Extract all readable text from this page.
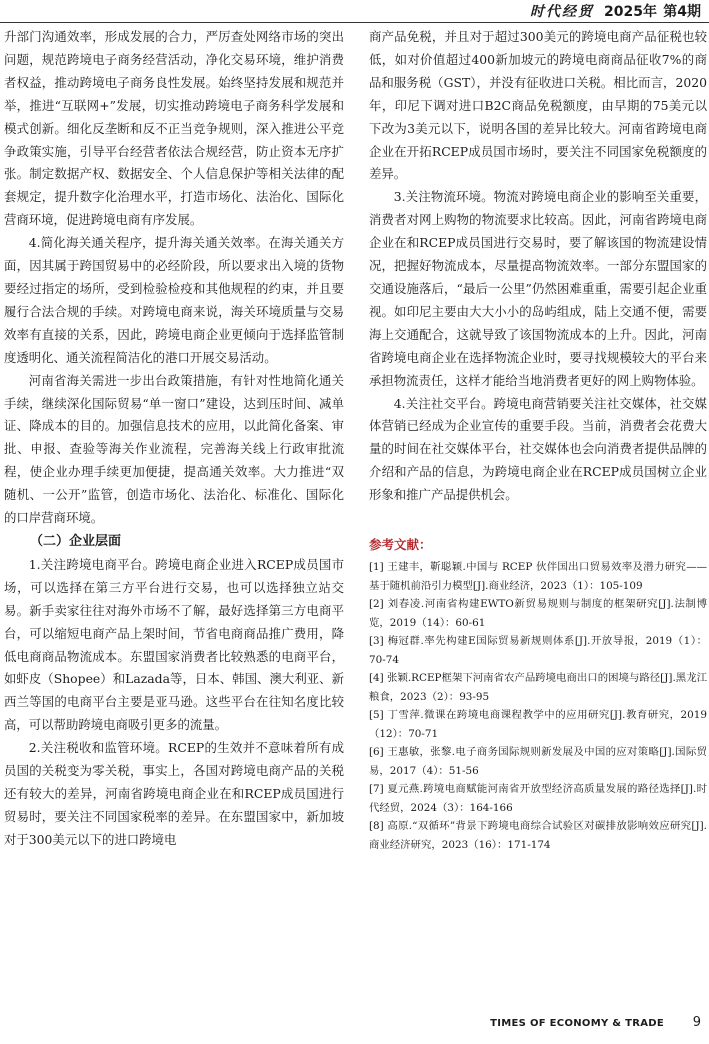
时代经贸 2025年 第4期

升部门沟通效率，形成发展的合力，严厉查处网络市场的突出问题，规范跨境电子商务经营活动，净化交易环境，维护消费者权益，推动跨境电子商务良性发展。始终坚持发展和规范并举，推进“互联网+”发展，切实推动跨境电子商务科学发展和模式创新。细化反垄断和反不正当竞争规则，深入推进公平竞争政策实施，引导平台经营者依法合规经营，防止资本无序扩张。制定数据产权、数据安全、个人信息保护等相关法律的配套规定，提升数字化治理水平，打造市场化、法治化、国际化营商环境，促进跨境电商有序发展。

4.简化海关通关程序，提升海关通关效率。在海关通关方面，因其属于跨国贸易中的必经阶段，所以要求出入境的货物要经过指定的场所，受到检验检疫和其他规程的约束，并且要履行合法合规的手续。对跨境电商来说，海关环境质量与交易效率有直接的关系，因此，跨境电商企业更倾向于选择监管制度透明化、通关流程简洁化的港口开展交易活动。

河南省海关需进一步出台政策措施，有针对性地简化通关手续，继续深化国际贸易“单一窗口”建设，达到压时间、减单证、降成本的目的。加强信息技术的应用，以此简化备案、审批、申报、查验等海关作业流程，完善海关线上行政审批流程，使企业办理手续更加便捷，提高通关效率。大力推进“双随机、一公开”监管，创造市场化、法治化、标准化、国际化的口岸营商环境。

（二）企业层面

1.关注跨境电商平台。跨境电商企业进入RCEP成员国市场，可以选择在第三方平台进行交易，也可以选择独立站交易。新手卖家往往对海外市场不了解，最好选择第三方电商平台，可以缩短电商产品上架时间，节省电商商品推广费用，降低电商商品物流成本。东盟国家消费者比较熟悉的电商平台，如虾皮（Shopee）和Lazada等，日本、韩国、澳大利亚、新西兰等国的电商平台主要是亚马逊。这些平台在往知名度比较高，可以帮助跨境电商吸引更多的流量。

2.关注税收和监管环境。RCEP的生效并不意味着所有成员国的关税变为零关税，事实上，各国对跨境电商产品的关税还有较大的差异，河南省跨境电商企业在和RCEP成员国进行贸易时，要关注不同国家税率的差异。在东盟国家中，新加坡对于300美元以下的进口跨境电

商产品免税，并且对于超过300美元的跨境电商产品征税也较低，如对价值超过400新加坡元的跨境电商商品征收7%的商品和服务税（GST），并没有征收进口关税。相比而言，2020年，印尼下调对进口B2C商品免税额度，由早期的75美元以下改为3美元以下，说明各国的差异比较大。河南省跨境电商企业在开拓RCEP成员国市场时，要关注不同国家免税额度的差异。

3.关注物流环境。物流对跨境电商企业的影响至关重要，消费者对网上购物的物流要求比较高。因此，河南省跨境电商企业在和RCEP成员国进行交易时，要了解该国的物流建设情况，把握好物流成本，尽量提高物流效率。一部分东盟国家的交通设施落后，“最后一公里”仍然困难重重，需要引起企业重视。如印尼主要由大大小小的岛屿组成，陆上交通不便，需要海上交通配合，这就导致了该国物流成本的上升。因此，河南省跨境电商企业在选择物流企业时，要寻找规模较大的平台来承担物流责任，这样才能给当地消费者更好的网上购物体验。

4.关注社交平台。跨境电商营销要关注社交媒体，社交媒体营销已经成为企业宣传的重要手段。当前，消费者会花费大量的时间在社交媒体平台，社交媒体也会向消费者提供品牌的介绍和产品的信息，为跨境电商企业在RCEP成员国树立企业形象和推广产品提供机会。

参考文献：
[1] 王建丰，靳聪颖.中国与 RCEP 伙伴国出口贸易效率及潜力研究——基于随机前沿引力模型[J].商业经济，2023（1）：105-109
[2] 刘春凌.河南省构建EWTO新贸易规则与制度的框架研究[J].法制博览，2019（14）：60-61
[3] 梅冠群.率先构建E国际贸易新规则体系[J].开放导报，2019（1）：70-74
[4] 张颖.RCEP框架下河南省农产品跨境电商出口的困境与路径[J].黑龙江粮食，2023（2）：93-95
[5] 丁雪萍.微课在跨境电商课程教学中的应用研究[J].教育研究，2019（12）：70-71
[6] 王惠敏，张黎.电子商务国际规则新发展及中国的应对策略[J].国际贸易，2017（4）：51-56
[7] 夏元燕.跨境电商赋能河南省开放型经济高质量发展的路径选择[J].时代经贸，2024（3）：164-166
[8] 高原.“双循环”背景下跨境电商综合试验区对碳排放影响效应研究[J].商业经济研究，2023（16）：171-174
TIMES OF ECONOMY & TRADE 9
